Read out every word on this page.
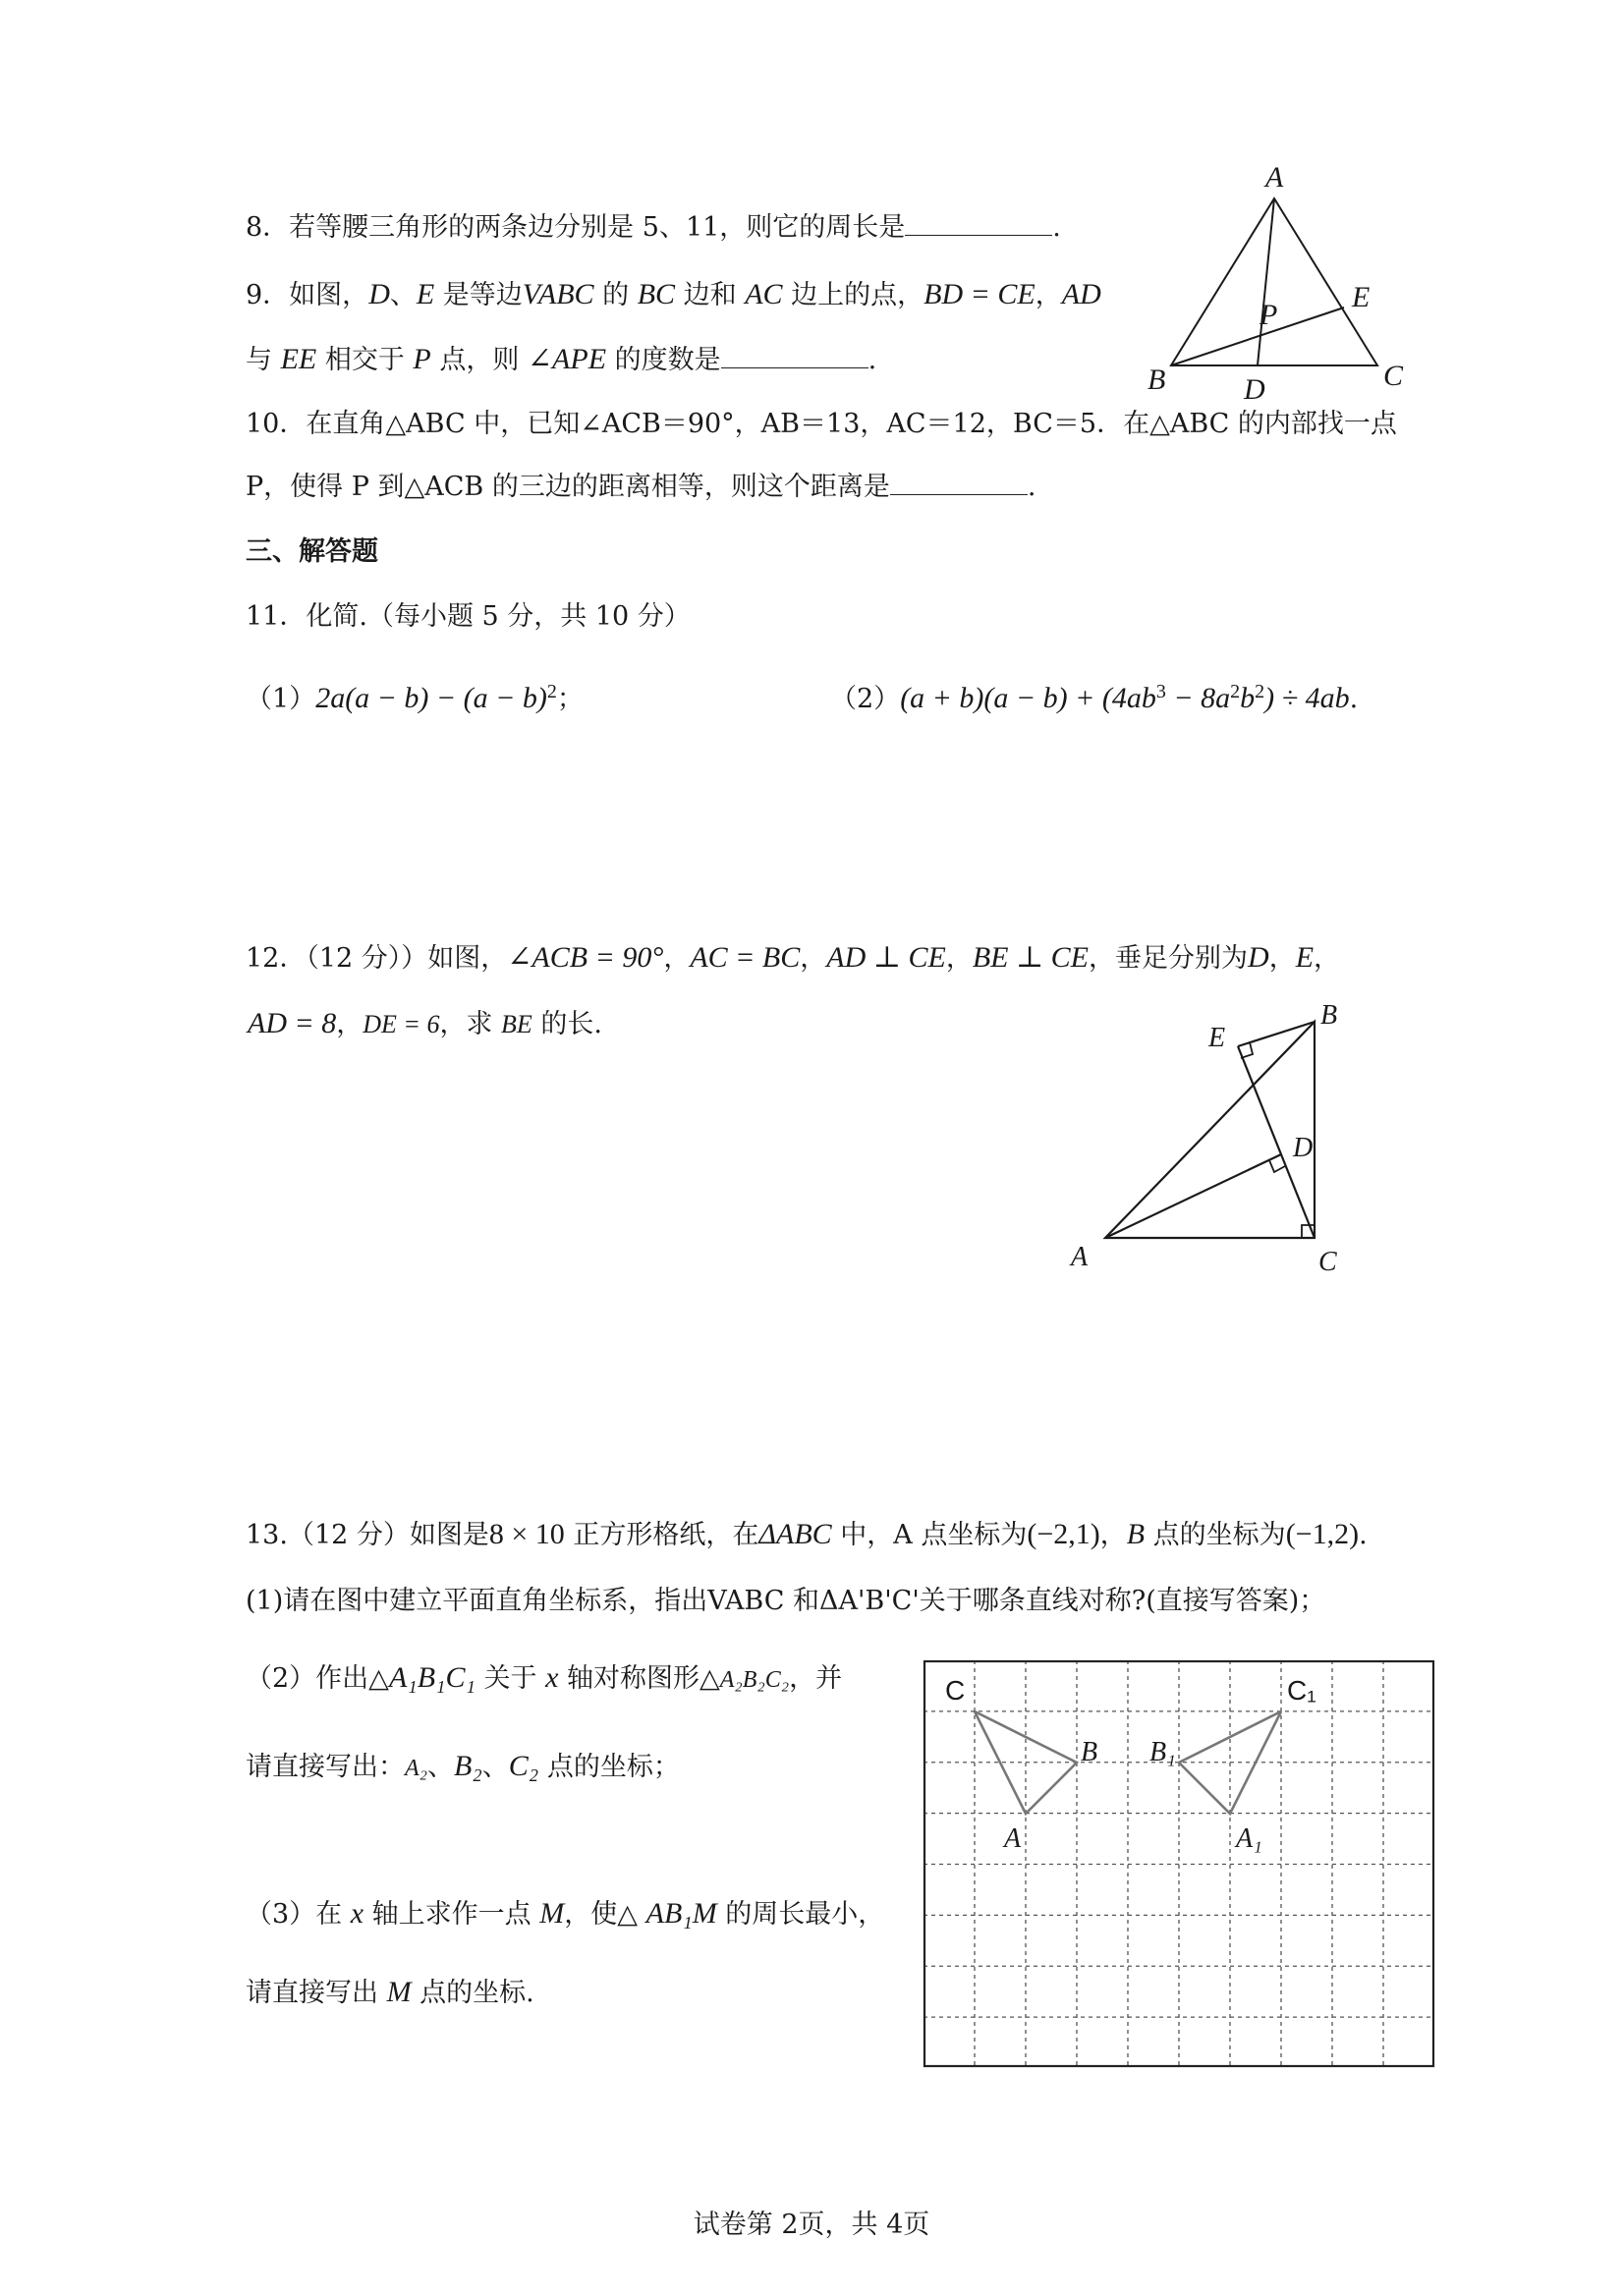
8．若等腰三角形的两条边分别是 5、11，则它的周长是	.
9．如图，D、E 是等边VABC 的 BC 边和 AC 边上的点，BD = CE，AD
与 EE 相交于 P 点，则 ∠APE 的度数是	.
A
B	C
D
E
P
10．在直角△ABC 中，已知∠ACB＝90°，AB＝13，AC＝12，BC＝5．在△ABC 的内部找一点
P，使得 P 到△ACB 的三边的距离相等，则这个距离是	.
三、解答题
11．化简.（每小题 5 分，共 10 分）
$(1)2a(a - b) - (a - b)^2$；	$(2)(a + b)(a - b) + (4ab^3 - 8a^2b^2) \div 4ab$.
12．（12 分））如图，∠ACB = 90°，AC = BC，AD ⊥ CE，BE ⊥ CE，垂足分别为D，E，
AD = 8，DE = 6，求 BE 的长.
A
B
C
D
E
13.（12 分）如图是8 × 10 正方形格纸，在ΔABC 中，A 点坐标为(−2,1)，B 点的坐标为(−1,2).
(1)请在图中建立平面直角坐标系，指出VABC 和ΔA'B'C'关于哪条直线对称?(直接写答案)；
（2）作出△A₁B₁C₁ 关于 x 轴对称图形△A₂B₂C₂，并
请直接写出：A₂、B₂、C₂ 点的坐标；
（3）在 x 轴上求作一点 M，使△ AB₁M 的周长最小，
请直接写出 M 点的坐标.
C
B
A
C₁
B₁
A₁
试卷第 2页，共 4页
